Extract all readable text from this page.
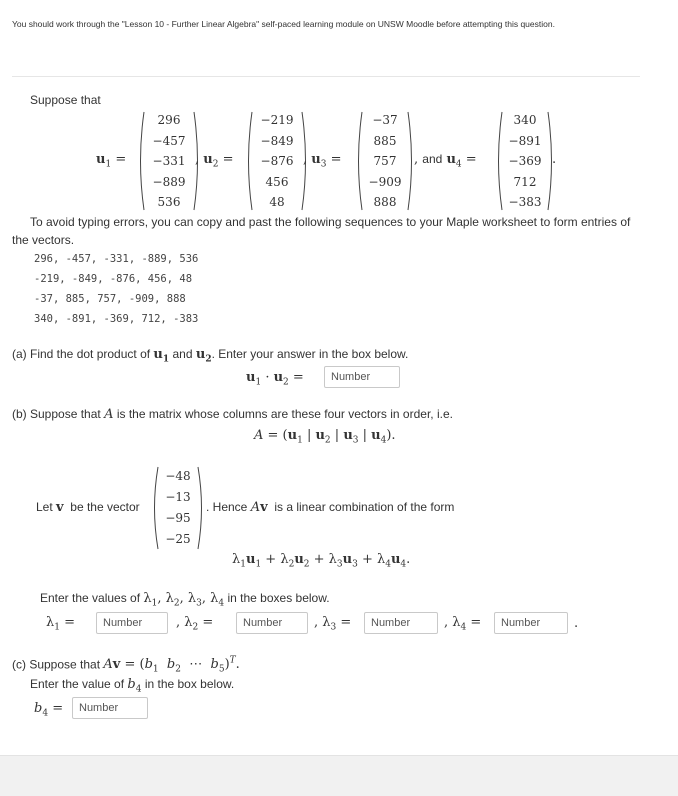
You should work through the "Lesson 10 - Further Linear Algebra" self-paced learning module on UNSW Moodle before attempting this question.
Suppose that
$u_1$ =
296
−457
−331
−889
536
, $u_2$ =
−219
−849
−876
456
48
, $u_3$ =
−37
885
757
−909
888
, and $u_4$ =
340
−891
−369
712
−383
.
To avoid typing errors, you can copy and past the following sequences to your Maple worksheet to form entries of
the vectors.
296, -457, -331, -889, 536
-219, -849, -876, 456, 48
-37, 885, 757, -909, 888
340, -891, -369, 712, -383
(a) Find the dot product of $u_1$ and $u_2$. Enter your answer in the box below.
$u_1 \cdot u_2$ =
Number
(b) Suppose that A is the matrix whose columns are these four vectors in order, i.e.
$A = (u_1$ | $u_2$ | $u_3$ | $u_4$).
Let v be the vector
−48
−13
−95
−25
. Hence Av is a linear combination of the form
$\lambda_1u_1 + \lambda_2u_2 + \lambda_3u_3 + \lambda_4u_4$.
Enter the values of $\lambda_1$, $\lambda_2$, $\lambda_3$, $\lambda_4$ in the boxes below.
$\lambda_1$ =
Number	, $\lambda_2$ =
Number	, $\lambda_3$ =
Number	, $\lambda_4$ =
Number	.
(c) Suppose that $Av = (b_1$ $b_2$  ⋯  $b_5)^T$.
Enter the value of $b_4$ in the box below.
$b_4$ =
Number
